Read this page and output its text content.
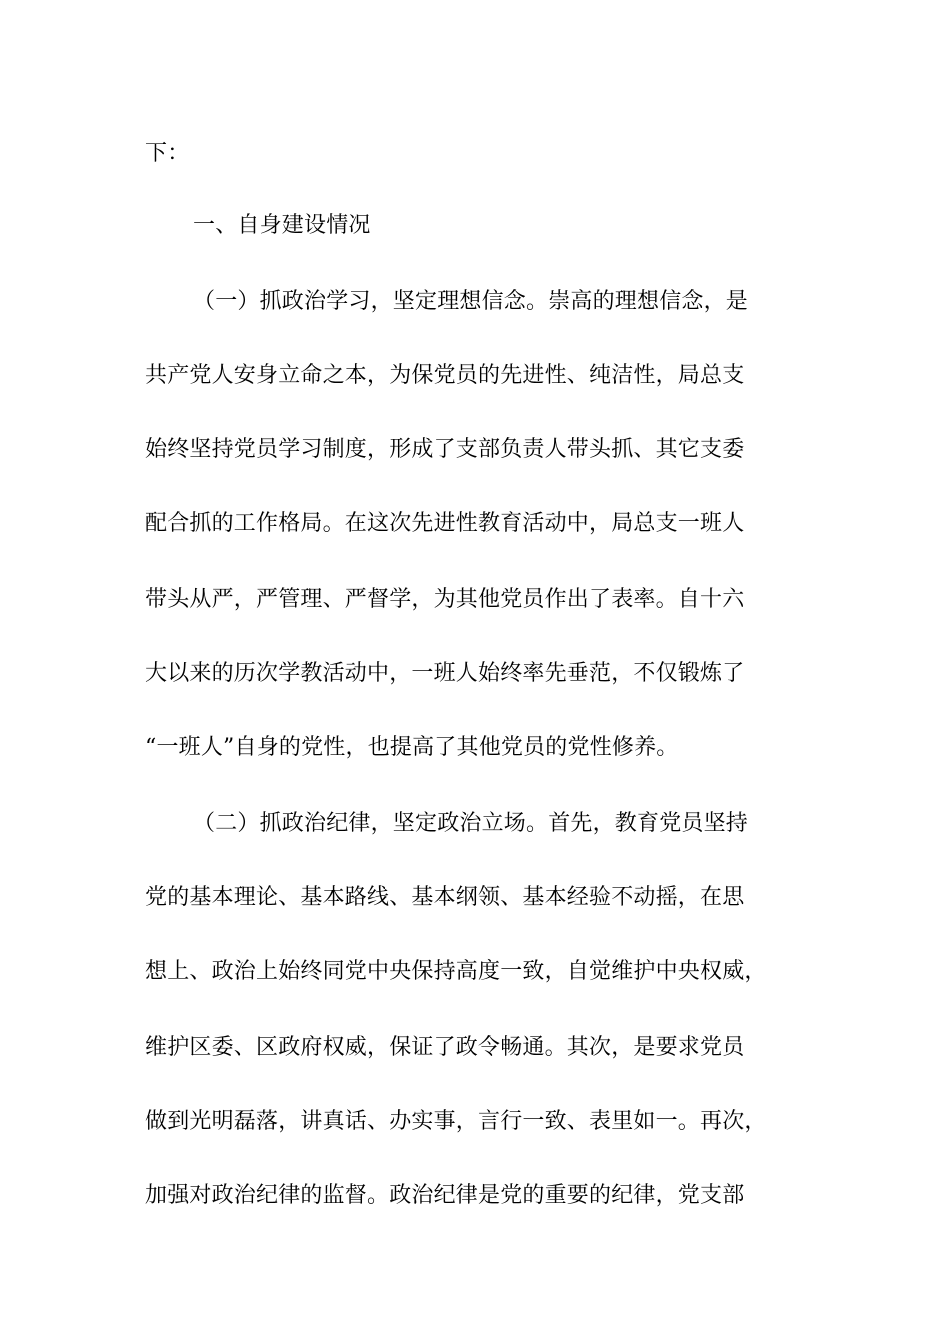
下：
一、自身建设情况
（一）抓政治学习，坚定理想信念。崇高的理想信念，是
共产党人安身立命之本，为保党员的先进性、纯洁性，局总支
始终坚持党员学习制度，形成了支部负责人带头抓、其它支委
配合抓的工作格局。在这次先进性教育活动中，局总支一班人
带头从严，严管理、严督学，为其他党员作出了表率。自十六
大以来的历次学教活动中，一班人始终率先垂范，不仅锻炼了
“一班人”自身的党性，也提高了其他党员的党性修养。
（二）抓政治纪律，坚定政治立场。首先，教育党员坚持
党的基本理论、基本路线、基本纲领、基本经验不动摇，在思
想上、政治上始终同党中央保持高度一致，自觉维护中央权威，
维护区委、区政府权威，保证了政令畅通。其次，是要求党员
做到光明磊落，讲真话、办实事，言行一致、表里如一。再次，
加强对政治纪律的监督。政治纪律是党的重要的纪律，党支部
